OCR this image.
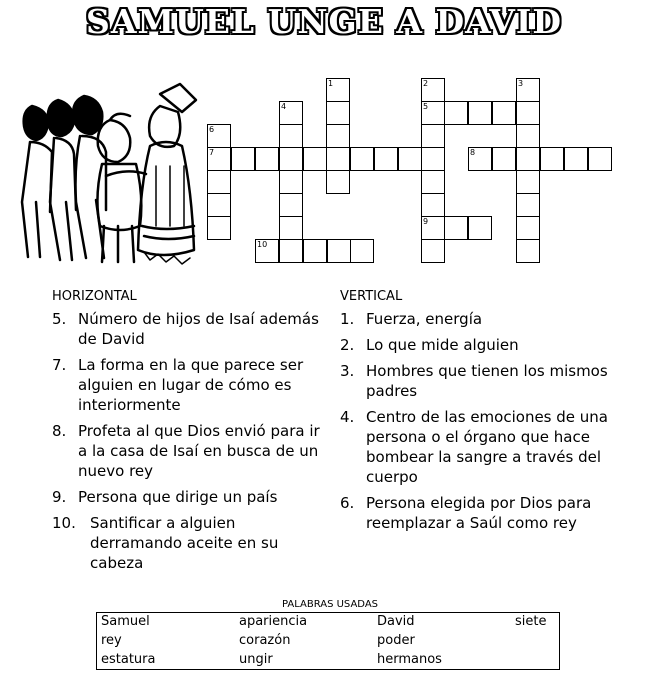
SAMUEL UNGE A DAVID
1	2
5
9
3
4
6
7	8
10
HORIZONTAL
5. Número de hijos de Isaí además de David
7. La forma en la que parece ser alguien en lugar de cómo es interiormente
8. Profeta al que Dios envió para ir a la casa de Isaí en busca de un nuevo rey
9. Persona que dirige un país
10. Santificar a alguien derramando aceite en su cabeza
VERTICAL
1. Fuerza, energía
2. Lo que mide alguien
3. Hombres que tienen los mismos padres
4. Centro de las emociones de una persona o el órgano que hace bombear la sangre a través del cuerpo
6. Persona elegida por Dios para reemplazar a Saúl como rey
PALABRAS USADAS
Samuel	apariencia	David	siete
rey	corazón	poder
estatura	ungir	hermanos
